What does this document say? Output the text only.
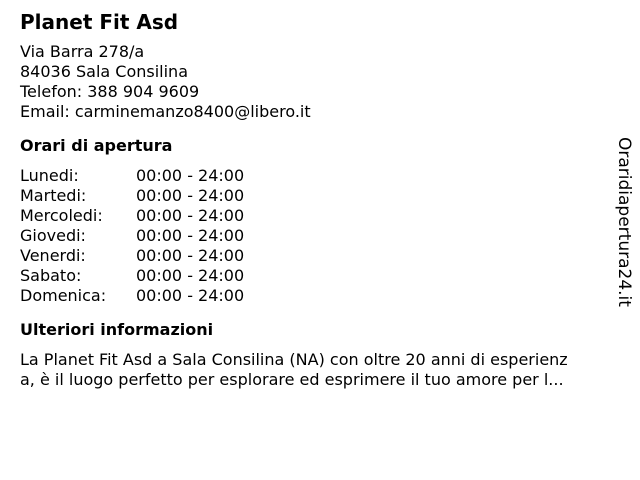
Planet Fit Asd
Via Barra 278/a
84036 Sala Consilina
Telefon: 388 904 9609
Email: carminemanzo8400@libero.it
Orari di apertura
Lunedi:	00:00 - 24:00
Martedi:	00:00 - 24:00
Mercoledi:	00:00 - 24:00
Giovedi:	00:00 - 24:00
Venerdi:	00:00 - 24:00
Sabato:	00:00 - 24:00
Domenica:	00:00 - 24:00
Ulteriori informazioni
La Planet Fit Asd a Sala Consilina (NA) con oltre 20 anni di esperienz
a, è il luogo perfetto per esplorare ed esprimere il tuo amore per l...
Oraridiapertura24.it
